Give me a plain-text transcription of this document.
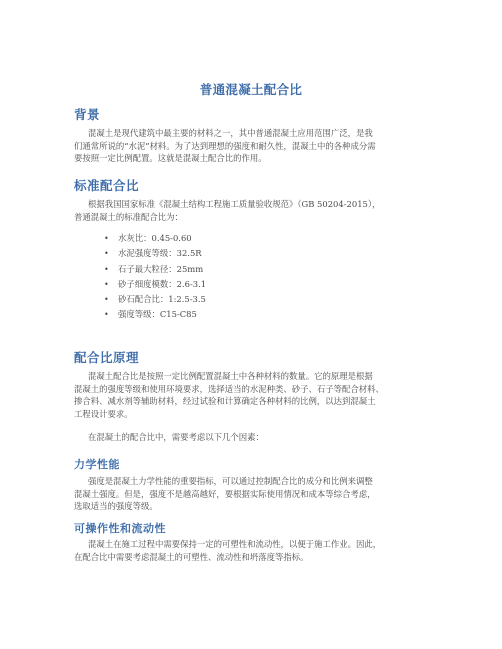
普通混凝土配合比
背景
混凝土是现代建筑中最主要的材料之一，其中普通混凝土应用范围广泛，是我
们通常所说的“水泥”材料。为了达到理想的强度和耐久性，混凝土中的各种成分需
要按照一定比例配置。这就是混凝土配合比的作用。
标准配合比
根据我国国家标准《混凝土结构工程施工质量验收规范》（GB 50204-2015），
普通混凝土的标准配合比为：
• 水灰比：0.45-0.60
• 水泥强度等级：32.5R
• 石子最大粒径：25mm
• 砂子细度模数：2.6-3.1
• 砂石配合比：1:2.5-3.5
• 强度等级：C15-C85
配合比原理
混凝土配合比是按照一定比例配置混凝土中各种材料的数量。它的原理是根据
混凝土的强度等级和使用环境要求，选择适当的水泥种类、砂子、石子等配合材料、
掺合料、减水剂等辅助材料，经过试验和计算确定各种材料的比例，以达到混凝土
工程设计要求。
在混凝土的配合比中，需要考虑以下几个因素：
力学性能
强度是混凝土力学性能的重要指标，可以通过控制配合比的成分和比例来调整
混凝土强度。但是，强度不是越高越好，要根据实际使用情况和成本等综合考虑，
选取适当的强度等级。
可操作性和流动性
混凝土在施工过程中需要保持一定的可塑性和流动性，以便于施工作业。因此，
在配合比中需要考虑混凝土的可塑性、流动性和坍落度等指标。
